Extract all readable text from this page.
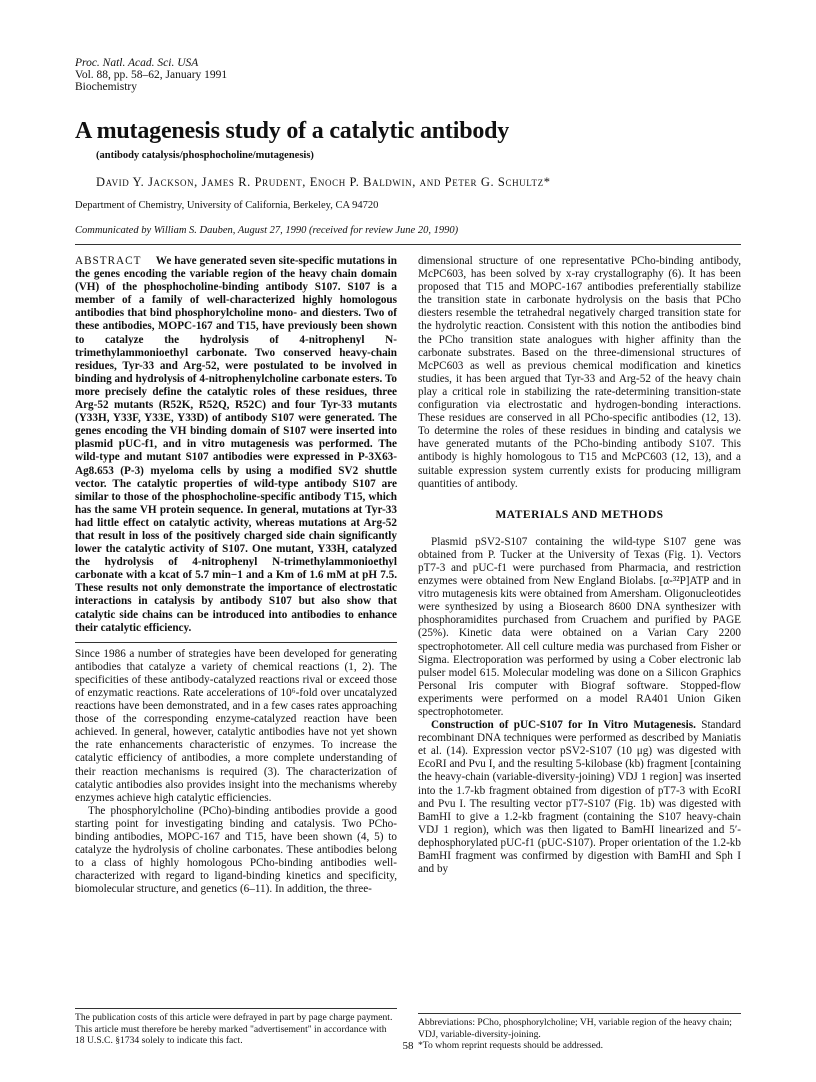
Proc. Natl. Acad. Sci. USA
Vol. 88, pp. 58–62, January 1991
Biochemistry
A mutagenesis study of a catalytic antibody
(antibody catalysis/phosphocholine/mutagenesis)
David Y. Jackson, James R. Prudent, Enoch P. Baldwin, and Peter G. Schultz*
Department of Chemistry, University of California, Berkeley, CA 94720
Communicated by William S. Dauben, August 27, 1990 (received for review June 20, 1990)
ABSTRACT We have generated seven site-specific mutations in the genes encoding the variable region of the heavy chain domain (VH) of the phosphocholine-binding antibody S107. S107 is a member of a family of well-characterized highly homologous antibodies that bind phosphorylcholine mono- and diesters. Two of these antibodies, MOPC-167 and T15, have previously been shown to catalyze the hydrolysis of 4-nitrophenyl N-trimethylammonioethyl carbonate. Two conserved heavy-chain residues, Tyr-33 and Arg-52, were postulated to be involved in binding and hydrolysis of 4-nitrophenylcholine carbonate esters. To more precisely define the catalytic roles of these residues, three Arg-52 mutants (R52K, R52Q, R52C) and four Tyr-33 mutants (Y33H, Y33F, Y33E, Y33D) of antibody S107 were generated. The genes encoding the VH binding domain of S107 were inserted into plasmid pUC-f1, and in vitro mutagenesis was performed. The wild-type and mutant S107 antibodies were expressed in P-3X63-Ag8.653 (P-3) myeloma cells by using a modified SV2 shuttle vector. The catalytic properties of wild-type antibody S107 are similar to those of the phosphocholine-specific antibody T15, which has the same VH protein sequence. In general, mutations at Tyr-33 had little effect on catalytic activity, whereas mutations at Arg-52 that result in loss of the positively charged side chain significantly lower the catalytic activity of S107. One mutant, Y33H, catalyzed the hydrolysis of 4-nitrophenyl N-trimethylammonioethyl carbonate with a kcat of 5.7 min−1 and a Km of 1.6 mM at pH 7.5. These results not only demonstrate the importance of electrostatic interactions in catalysis by antibody S107 but also show that catalytic side chains can be introduced into antibodies to enhance their catalytic efficiency.

Since 1986 a number of strategies have been developed for generating antibodies that catalyze a variety of chemical reactions (1, 2). The specificities of these antibody-catalyzed reactions rival or exceed those of enzymatic reactions. Rate accelerations of 10⁶-fold over uncatalyzed reactions have been demonstrated, and in a few cases rates approaching those of the corresponding enzyme-catalyzed reaction have been achieved. In general, however, catalytic antibodies have not yet shown the rate enhancements characteristic of enzymes. To increase the catalytic efficiency of antibodies, a more complete understanding of their reaction mechanisms is required (3). The characterization of catalytic antibodies also provides insight into the mechanisms whereby enzymes achieve high catalytic efficiencies.

The phosphorylcholine (PCho)-binding antibodies provide a good starting point for investigating binding and catalysis. Two PCho-binding antibodies, MOPC-167 and T15, have been shown (4, 5) to catalyze the hydrolysis of choline carbonates. These antibodies belong to a class of highly homologous PCho-binding antibodies well-characterized with regard to ligand-binding kinetics and specificity, biomolecular structure, and genetics (6–11). In addition, the three-

dimensional structure of one representative PCho-binding antibody, McPC603, has been solved by x-ray crystallography (6). It has been proposed that T15 and MOPC-167 antibodies preferentially stabilize the transition state in carbonate hydrolysis on the basis that PCho diesters resemble the tetrahedral negatively charged transition state for the hydrolytic reaction. Consistent with this notion the antibodies bind the PCho transition state analogues with higher affinity than the carbonate substrates. Based on the three-dimensional structures of McPC603 as well as previous chemical modification and kinetics studies, it has been argued that Tyr-33 and Arg-52 of the heavy chain play a critical role in stabilizing the rate-determining transition-state configuration via electrostatic and hydrogen-bonding interactions. These residues are conserved in all PCho-specific antibodies (12, 13). To determine the roles of these residues in binding and catalysis we have generated mutants of the PCho-binding antibody S107. This antibody is highly homologous to T15 and McPC603 (12, 13), and a suitable expression system currently exists for producing milligram quantities of antibody.

MATERIALS AND METHODS

Plasmid pSV2-S107 containing the wild-type S107 gene was obtained from P. Tucker at the University of Texas (Fig. 1). Vectors pT7-3 and pUC-f1 were purchased from Pharmacia, and restriction enzymes were obtained from New England Biolabs. [α-³²P]ATP and in vitro mutagenesis kits were obtained from Amersham. Oligonucleotides were synthesized by using a Biosearch 8600 DNA synthesizer with phosphoramidites purchased from Cruachem and purified by PAGE (25%). Kinetic data were obtained on a Varian Cary 2200 spectrophotometer. All cell culture media was purchased from Fisher or Sigma. Electroporation was performed by using a Cober electronic lab pulser model 615. Molecular modeling was done on a Silicon Graphics Personal Iris computer with Biograf software. Stopped-flow experiments were performed on a model RA401 Union Giken spectrophotometer.

Construction of pUC-S107 for In Vitro Mutagenesis. Standard recombinant DNA techniques were performed as described by Maniatis et al. (14). Expression vector pSV2-S107 (10 μg) was digested with EcoRI and Pvu I, and the resulting 5-kilobase (kb) fragment [containing the heavy-chain (variable-diversity-joining) VDJ 1 region] was inserted into the 1.7-kb fragment obtained from digestion of pT7-3 with EcoRI and Pvu I. The resulting vector pT7-S107 (Fig. 1b) was digested with BamHI to give a 1.2-kb fragment (containing the S107 heavy-chain VDJ 1 region), which was then ligated to BamHI linearized and 5′-dephosphorylated pUC-f1 (pUC-S107). Proper orientation of the 1.2-kb BamHI fragment was confirmed by digestion with BamHI and Sph I and by

The publication costs of this article were defrayed in part by page charge payment. This article must therefore be hereby marked "advertisement" in accordance with 18 U.S.C. §1734 solely to indicate this fact.
Abbreviations: PCho, phosphorylcholine; VH, variable region of the heavy chain; VDJ, variable-diversity-joining.
*To whom reprint requests should be addressed.
58
